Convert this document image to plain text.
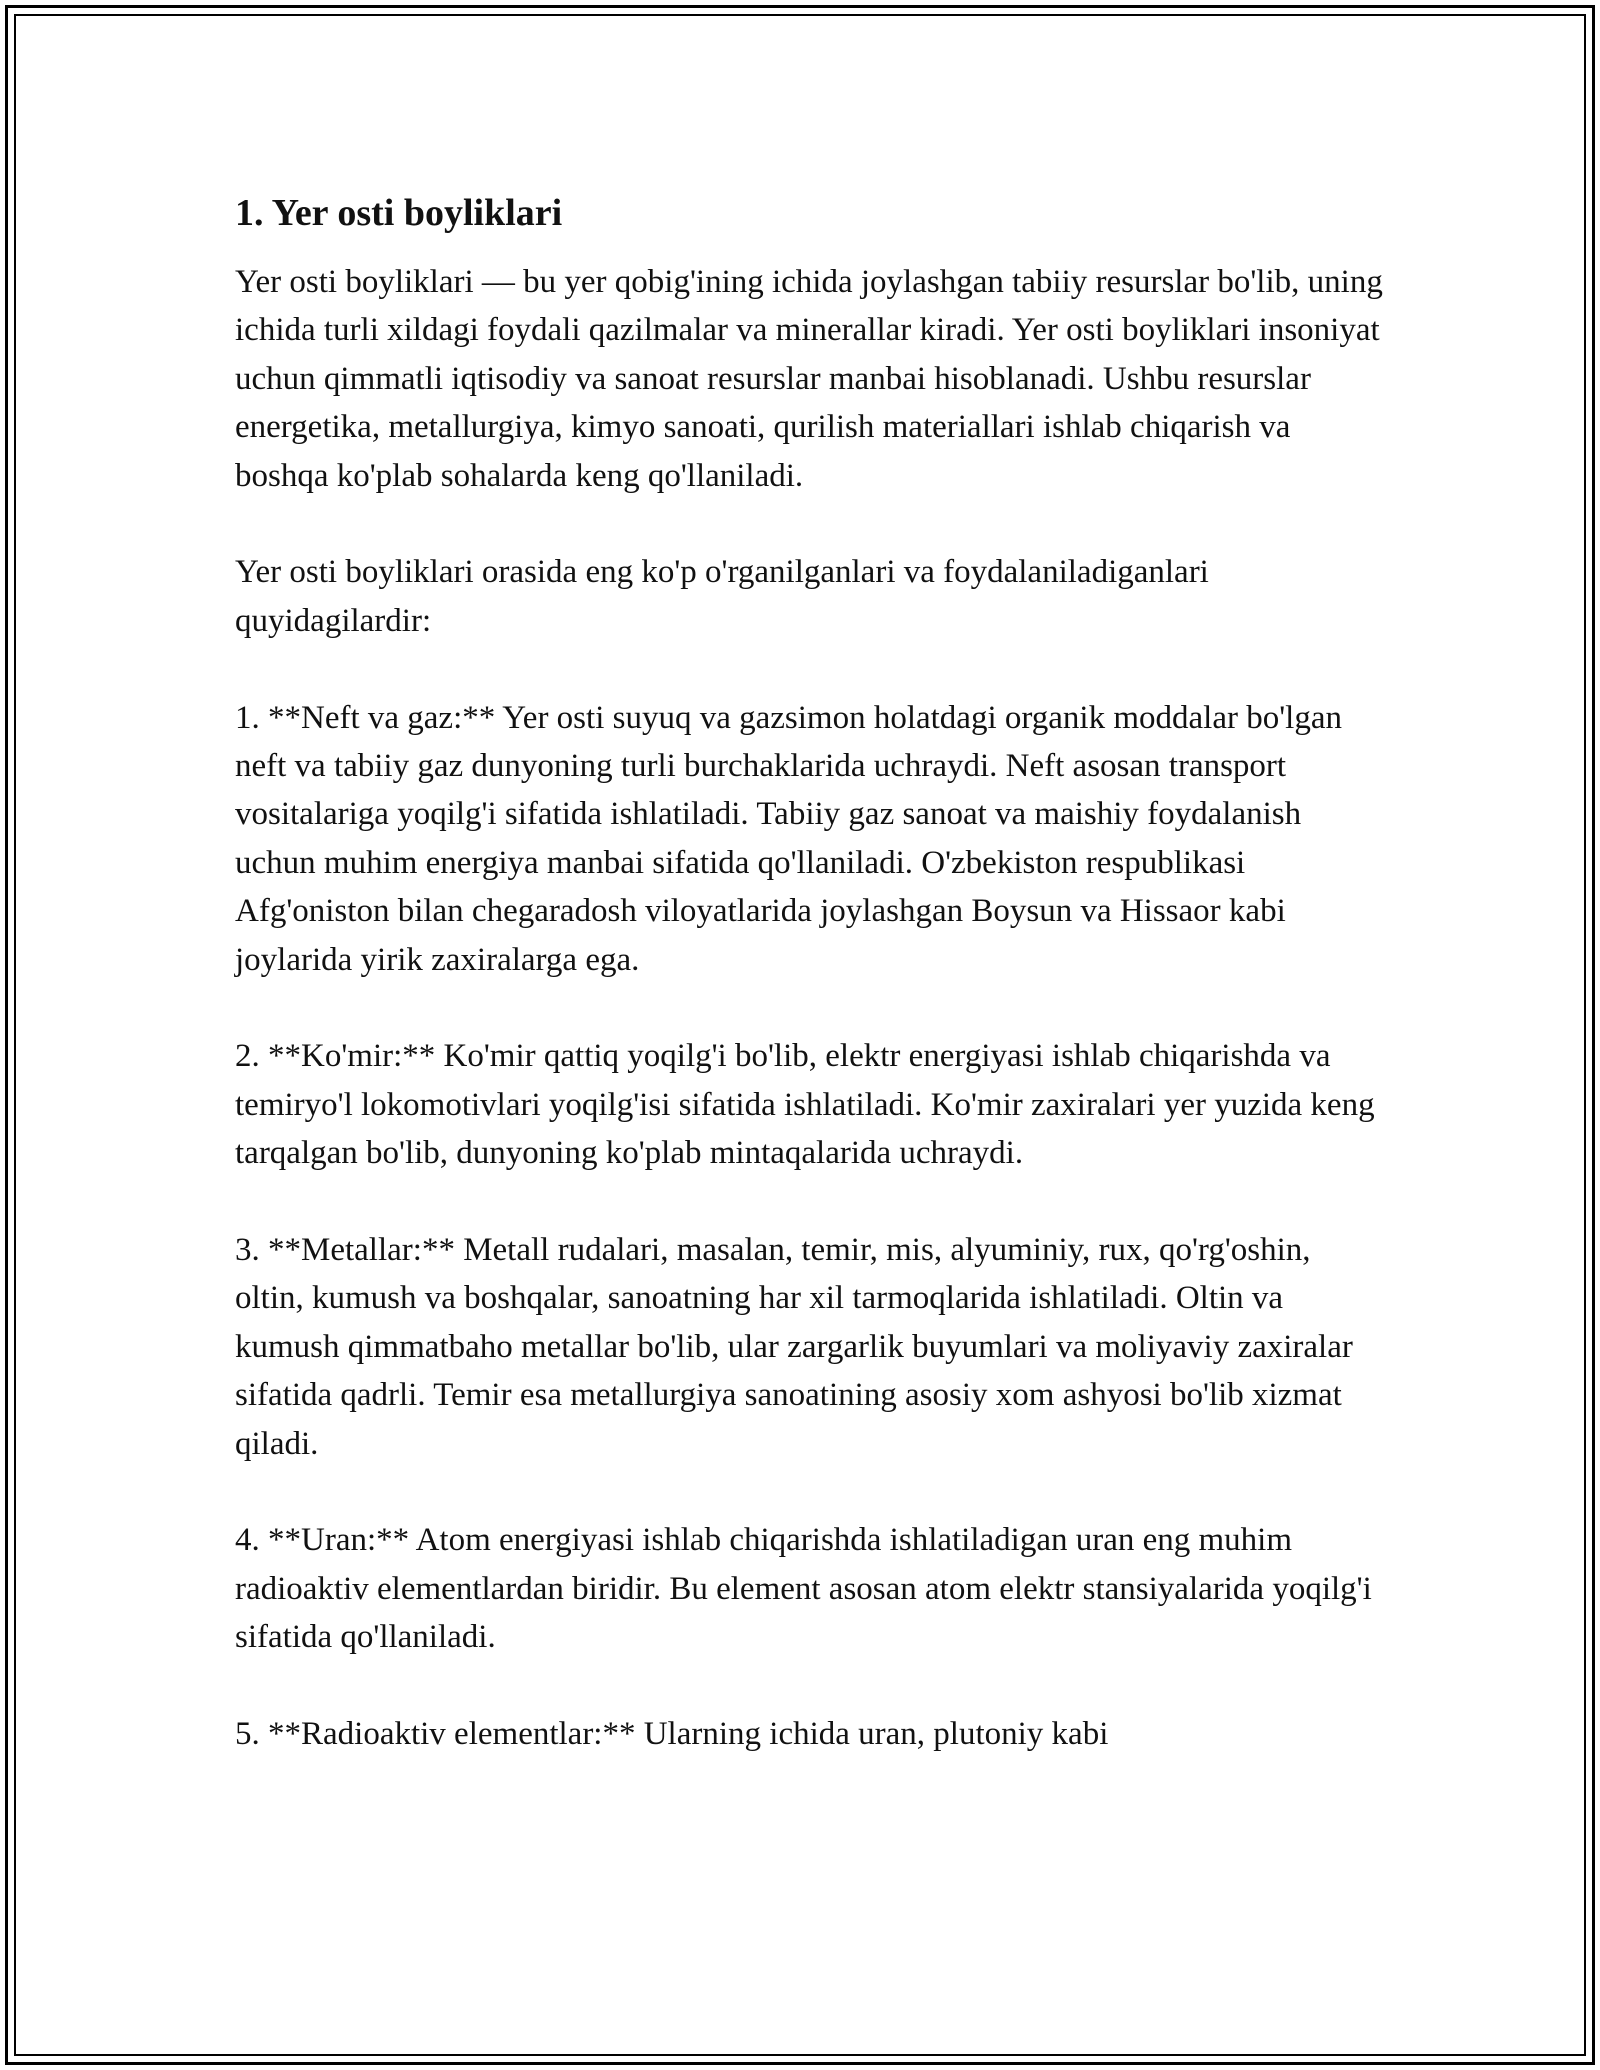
1. Yer osti boyliklari

Yer osti boyliklari — bu yer qobig'ining ichida joylashgan tabiiy resurslar bo'lib, uning ichida turli xildagi foydali qazilmalar va minerallar kiradi. Yer osti boyliklari insoniyat uchun qimmatli iqtisodiy va sanoat resurslar manbai hisoblanadi. Ushbu resurslar energetika, metallurgiya, kimyo sanoati, qurilish materiallari ishlab chiqarish va boshqa ko'plab sohalarda keng qo'llaniladi.

Yer osti boyliklari orasida eng ko'p o'rganilganlari va foydalaniladiganlari quyidagilardir:

1. **Neft va gaz:** Yer osti suyuq va gazsimon holatdagi organik moddalar bo'lgan neft va tabiiy gaz dunyoning turli burchaklarida uchraydi. Neft asosan transport vositalariga yoqilg'i sifatida ishlatiladi. Tabiiy gaz sanoat va maishiy foydalanish uchun muhim energiya manbai sifatida qo'llaniladi. O'zbekiston respublikasi Afg'oniston bilan chegaradosh viloyatlarida joylashgan Boysun va Hissaor kabi joylarida yirik zaxiralarga ega.

2. **Ko'mir:** Ko'mir qattiq yoqilg'i bo'lib, elektr energiyasi ishlab chiqarishda va temiryo'l lokomotivlari yoqilg'isi sifatida ishlatiladi. Ko'mir zaxiralari yer yuzida keng tarqalgan bo'lib, dunyoning ko'plab mintaqalarida uchraydi.

3. **Metallar:** Metall rudalari, masalan, temir, mis, alyuminiy, rux, qo'rg'oshin, oltin, kumush va boshqalar, sanoatning har xil tarmoqlarida ishlatiladi. Oltin va kumush qimmatbaho metallar bo'lib, ular zargarlik buyumlari va moliyaviy zaxiralar sifatida qadrli. Temir esa metallurgiya sanoatining asosiy xom ashyosi bo'lib xizmat qiladi.

4. **Uran:** Atom energiyasi ishlab chiqarishda ishlatiladigan uran eng muhim radioaktiv elementlardan biridir. Bu element asosan atom elektr stansiyalarida yoqilg'i sifatida qo'llaniladi.

5. **Radioaktiv elementlar:** Ularning ichida uran, plutoniy kabi
